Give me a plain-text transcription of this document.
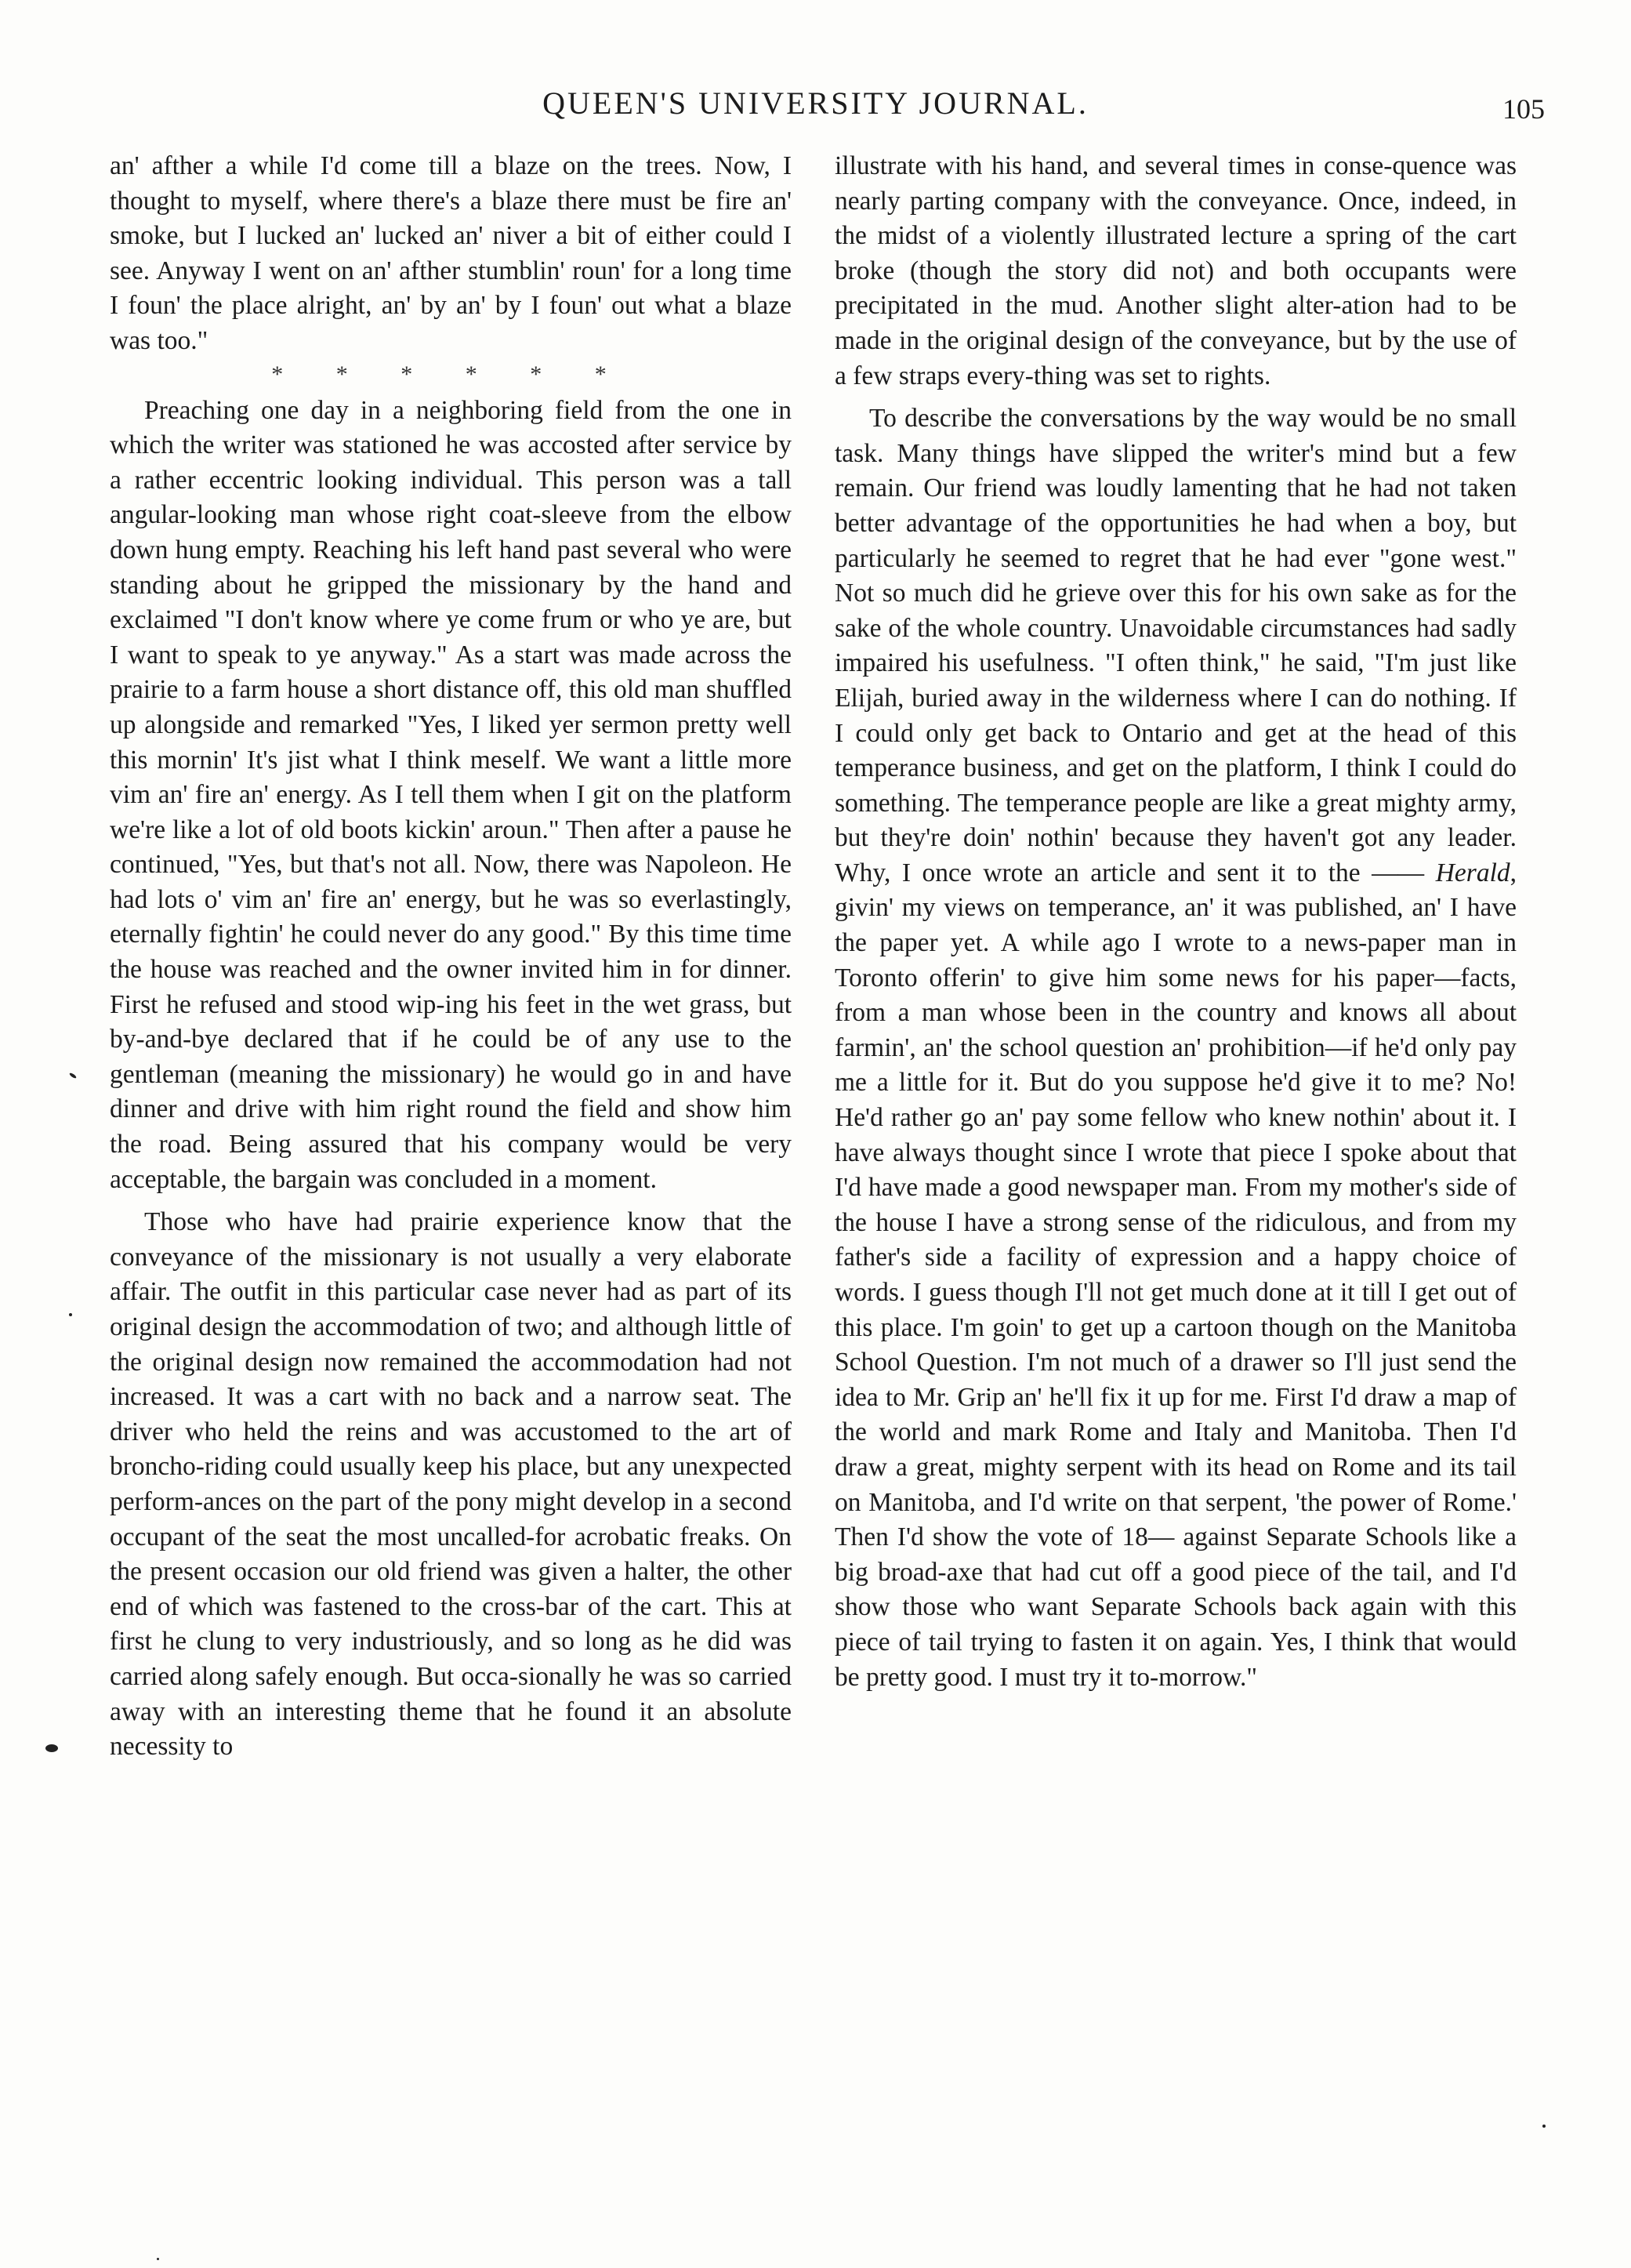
QUEEN'S UNIVERSITY JOURNAL.	105

an' afther a while I'd come till a blaze on the trees. Now, I thought to myself, where there's a blaze there must be fire an' smoke, but I lucked an' lucked an' niver a bit of either could I see. Anyway I went on an' afther stumblin' roun' for a long time I foun' the place alright, an' by an' by I foun' out what a blaze was too."

* * * * * *

Preaching one day in a neighboring field from the one in which the writer was stationed he was accosted after service by a rather eccentric looking individual. This person was a tall angular-looking man whose right coat-sleeve from the elbow down hung empty. Reaching his left hand past several who were standing about he gripped the missionary by the hand and exclaimed "I don't know where ye come frum or who ye are, but I want to speak to ye anyway." As a start was made across the prairie to a farm house a short distance off, this old man shuffled up alongside and remarked "Yes, I liked yer sermon pretty well this mornin' It's jist what I think meself. We want a little more vim an' fire an' energy. As I tell them when I git on the platform we're like a lot of old boots kickin' aroun." Then after a pause he continued, "Yes, but that's not all. Now, there was Napoleon. He had lots o' vim an' fire an' energy, but he was so everlastingly, eternally fightin' he could never do any good." By this time time the house was reached and the owner invited him in for dinner. First he refused and stood wip-ing his feet in the wet grass, but by-and-bye declared that if he could be of any use to the gentleman (meaning the missionary) he would go in and have dinner and drive with him right round the field and show him the road. Being assured that his company would be very acceptable, the bargain was concluded in a moment.

Those who have had prairie experience know that the conveyance of the missionary is not usually a very elaborate affair. The outfit in this particular case never had as part of its original design the accommodation of two; and although little of the original design now remained the accommodation had not increased. It was a cart with no back and a narrow seat. The driver who held the reins and was accustomed to the art of broncho-riding could usually keep his place, but any unexpected perform-ances on the part of the pony might develop in a second occupant of the seat the most uncalled-for acrobatic freaks. On the present occasion our old friend was given a halter, the other end of which was fastened to the cross-bar of the cart. This at first he clung to very industriously, and so long as he did was carried along safely enough. But occa-sionally he was so carried away with an interesting theme that he found it an absolute necessity to

illustrate with his hand, and several times in conse-quence was nearly parting company with the conveyance. Once, indeed, in the midst of a violently illustrated lecture a spring of the cart broke (though the story did not) and both occupants were precipitated in the mud. Another slight alter-ation had to be made in the original design of the conveyance, but by the use of a few straps every-thing was set to rights.

To describe the conversations by the way would be no small task. Many things have slipped the writer's mind but a few remain. Our friend was loudly lamenting that he had not taken better advantage of the opportunities he had when a boy, but particularly he seemed to regret that he had ever "gone west." Not so much did he grieve over this for his own sake as for the sake of the whole country. Unavoidable circumstances had sadly impaired his usefulness. "I often think," he said, "I'm just like Elijah, buried away in the wilderness where I can do nothing. If I could only get back to Ontario and get at the head of this temperance business, and get on the platform, I think I could do something. The temperance people are like a great mighty army, but they're doin' nothin' because they haven't got any leader. Why, I once wrote an article and sent it to the —— Herald, givin' my views on temperance, an' it was published, an' I have the paper yet. A while ago I wrote to a news-paper man in Toronto offerin' to give him some news for his paper—facts, from a man whose been in the country and knows all about farmin', an' the school question an' prohibition—if he'd only pay me a little for it. But do you suppose he'd give it to me? No! He'd rather go an' pay some fellow who knew nothin' about it. I have always thought since I wrote that piece I spoke about that I'd have made a good newspaper man. From my mother's side of the house I have a strong sense of the ridiculous, and from my father's side a facility of expression and a happy choice of words. I guess though I'll not get much done at it till I get out of this place. I'm goin' to get up a cartoon though on the Manitoba School Question. I'm not much of a drawer so I'll just send the idea to Mr. Grip an' he'll fix it up for me. First I'd draw a map of the world and mark Rome and Italy and Manitoba. Then I'd draw a great, mighty serpent with its head on Rome and its tail on Manitoba, and I'd write on that serpent, 'the power of Rome.' Then I'd show the vote of 18— against Separate Schools like a big broad-axe that had cut off a good piece of the tail, and I'd show those who want Separate Schools back again with this piece of tail trying to fasten it on again. Yes, I think that would be pretty good. I must try it to-morrow."
